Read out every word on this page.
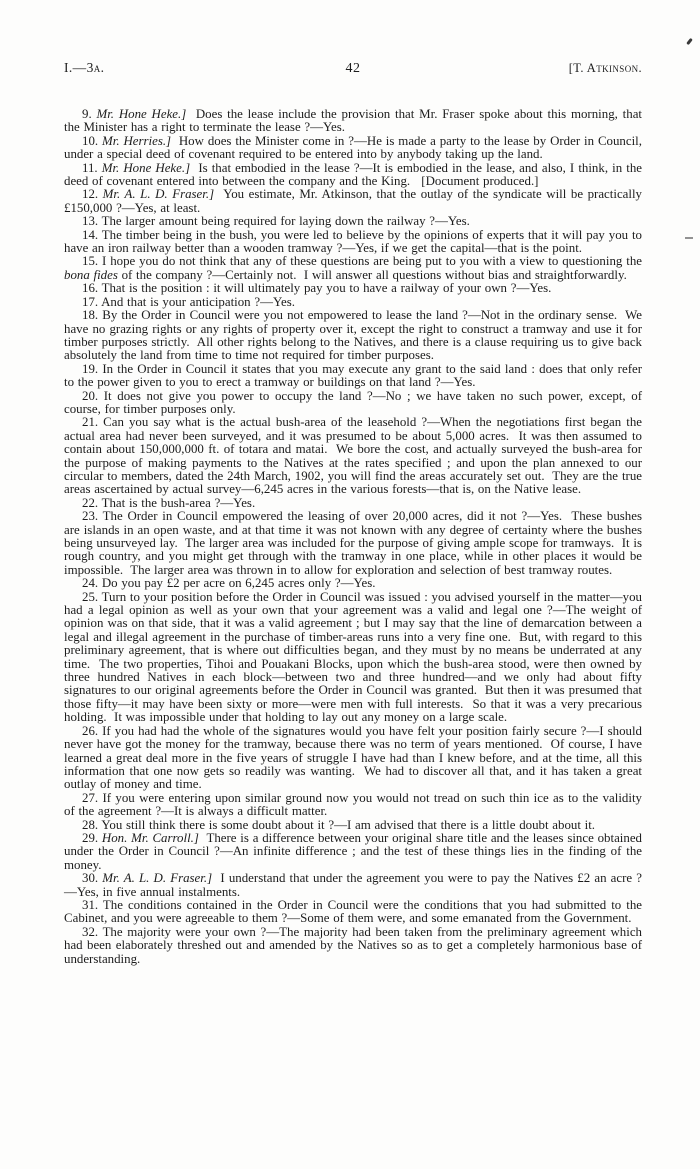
I.—3a.	42	[T. Atkinson.

9. Mr. Hone Heke.]  Does the lease include the provision that Mr. Fraser spoke about this morning, that the Minister has a right to terminate the lease ?—Yes.

10. Mr. Herries.]  How does the Minister come in ?—He is made a party to the lease by Order in Council, under a special deed of covenant required to be entered into by anybody taking up the land.

11. Mr. Hone Heke.]  Is that embodied in the lease ?—It is embodied in the lease, and also, I think, in the deed of covenant entered into between the company and the King.   [Document produced.]

12. Mr. A. L. D. Fraser.]  You estimate, Mr. Atkinson, that the outlay of the syndicate will be practically £150,000 ?—Yes, at least.

13. The larger amount being required for laying down the railway ?—Yes.

14. The timber being in the bush, you were led to believe by the opinions of experts that it will pay you to have an iron railway better than a wooden tramway ?—Yes, if we get the capital—that is the point.

15. I hope you do not think that any of these questions are being put to you with a view to questioning the bona fides of the company ?—Certainly not.  I will answer all questions without bias and straightforwardly.

16. That is the position : it will ultimately pay you to have a railway of your own ?—Yes.

17. And that is your anticipation ?—Yes.

18. By the Order in Council were you not empowered to lease the land ?—Not in the ordinary sense.  We have no grazing rights or any rights of property over it, except the right to construct a tramway and use it for timber purposes strictly.  All other rights belong to the Natives, and there is a clause requiring us to give back absolutely the land from time to time not required for timber purposes.

19. In the Order in Council it states that you may execute any grant to the said land : does that only refer to the power given to you to erect a tramway or buildings on that land ?—Yes.

20. It does not give you power to occupy the land ?—No ; we have taken no such power, except, of course, for timber purposes only.

21. Can you say what is the actual bush-area of the leasehold ?—When the negotiations first began the actual area had never been surveyed, and it was presumed to be about 5,000 acres.  It was then assumed to contain about 150,000,000 ft. of totara and matai.  We bore the cost, and actually surveyed the bush-area for the purpose of making payments to the Natives at the rates specified ; and upon the plan annexed to our circular to members, dated the 24th March, 1902, you will find the areas accurately set out.  They are the true areas ascertained by actual survey—6,245 acres in the various forests—that is, on the Native lease.

22. That is the bush-area ?—Yes.

23. The Order in Council empowered the leasing of over 20,000 acres, did it not ?—Yes.  These bushes are islands in an open waste, and at that time it was not known with any degree of certainty where the bushes being unsurveyed lay.  The larger area was included for the purpose of giving ample scope for tramways.  It is rough country, and you might get through with the tramway in one place, while in other places it would be impossible.  The larger area was thrown in to allow for exploration and selection of best tramway routes.

24. Do you pay £2 per acre on 6,245 acres only ?—Yes.

25. Turn to your position before the Order in Council was issued : you advised yourself in the matter—you had a legal opinion as well as your own that your agreement was a valid and legal one ?—The weight of opinion was on that side, that it was a valid agreement ; but I may say that the line of demarcation between a legal and illegal agreement in the purchase of timber-areas runs into a very fine one.  But, with regard to this preliminary agreement, that is where out difficulties began, and they must by no means be underrated at any time.  The two properties, Tihoi and Pouakani Blocks, upon which the bush-area stood, were then owned by three hundred Natives in each block—between two and three hundred—and we only had about fifty signatures to our original agreements before the Order in Council was granted.  But then it was presumed that those fifty—it may have been sixty or more—were men with full interests.  So that it was a very precarious holding.  It was impossible under that holding to lay out any money on a large scale.

26. If you had had the whole of the signatures would you have felt your position fairly secure ?—I should never have got the money for the tramway, because there was no term of years mentioned.  Of course, I have learned a great deal more in the five years of struggle I have had than I knew before, and at the time, all this information that one now gets so readily was wanting.  We had to discover all that, and it has taken a great outlay of money and time.

27. If you were entering upon similar ground now you would not tread on such thin ice as to the validity of the agreement ?—It is always a difficult matter.

28. You still think there is some doubt about it ?—I am advised that there is a little doubt about it.

29. Hon. Mr. Carroll.]  There is a difference between your original share title and the leases since obtained under the Order in Council ?—An infinite difference ; and the test of these things lies in the finding of the money.

30. Mr. A. L. D. Fraser.]  I understand that under the agreement you were to pay the Natives £2 an acre ?—Yes, in five annual instalments.

31. The conditions contained in the Order in Council were the conditions that you had submitted to the Cabinet, and you were agreeable to them ?—Some of them were, and some emanated from the Government.

32. The majority were your own ?—The majority had been taken from the preliminary agreement which had been elaborately threshed out and amended by the Natives so as to get a completely harmonious base of understanding.
